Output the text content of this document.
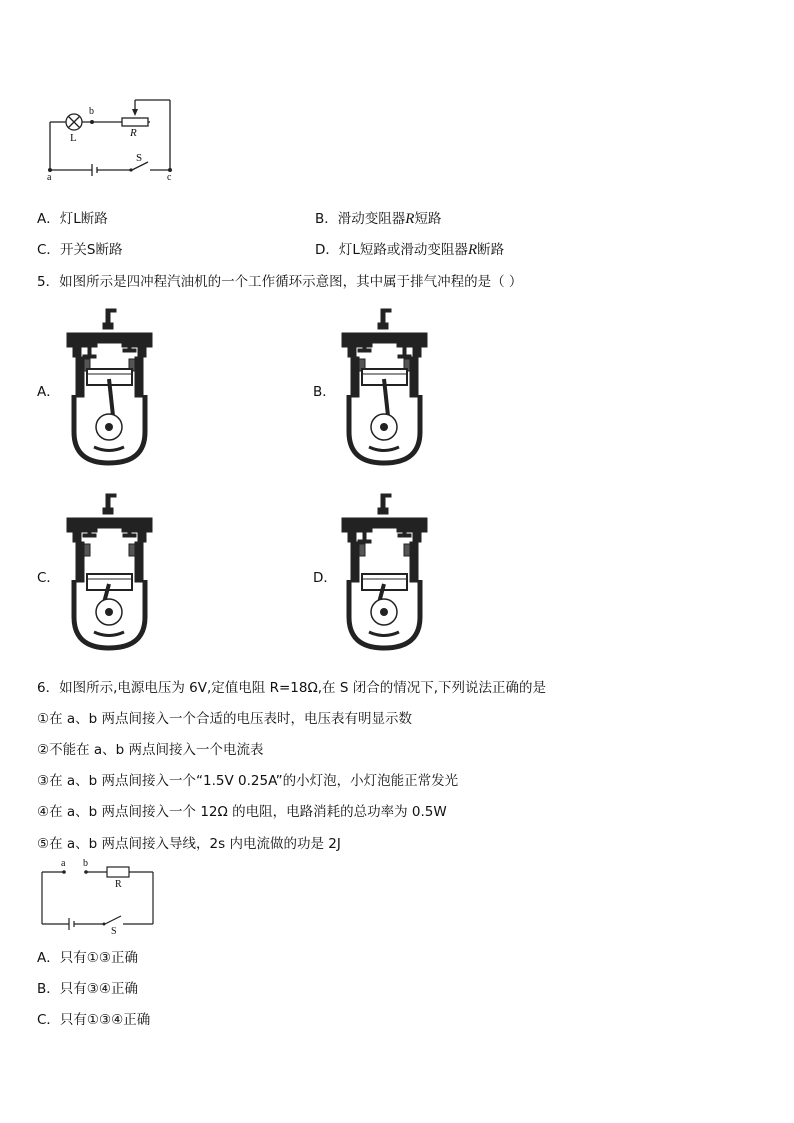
L
b
R
S
a	c
A．灯L断路	B．滑动变阻器R短路
C．开关S断路	D．灯L短路或滑动变阻器R断路
5．如图所示是四冲程汽油机的一个工作循环示意图，其中属于排气冲程的是（ ）
A．	B．
C．	D．
6．如图所示,电源电压为 6V,定值电阻 R=18Ω,在 S 闭合的情况下,下列说法正确的是
①在 a、b 两点间接入一个合适的电压表时，电压表有明显示数
②不能在 a、b 两点间接入一个电流表
③在 a、b 两点间接入一个“1.5V 0.25A”的小灯泡，小灯泡能正常发光
④在 a、b 两点间接入一个 12Ω 的电阻，电路消耗的总功率为 0.5W
⑤在 a、b 两点间接入导线，2s 内电流做的功是 2J
a b
R
S
A．只有①③正确
B．只有③④正确
C．只有①③④正确
